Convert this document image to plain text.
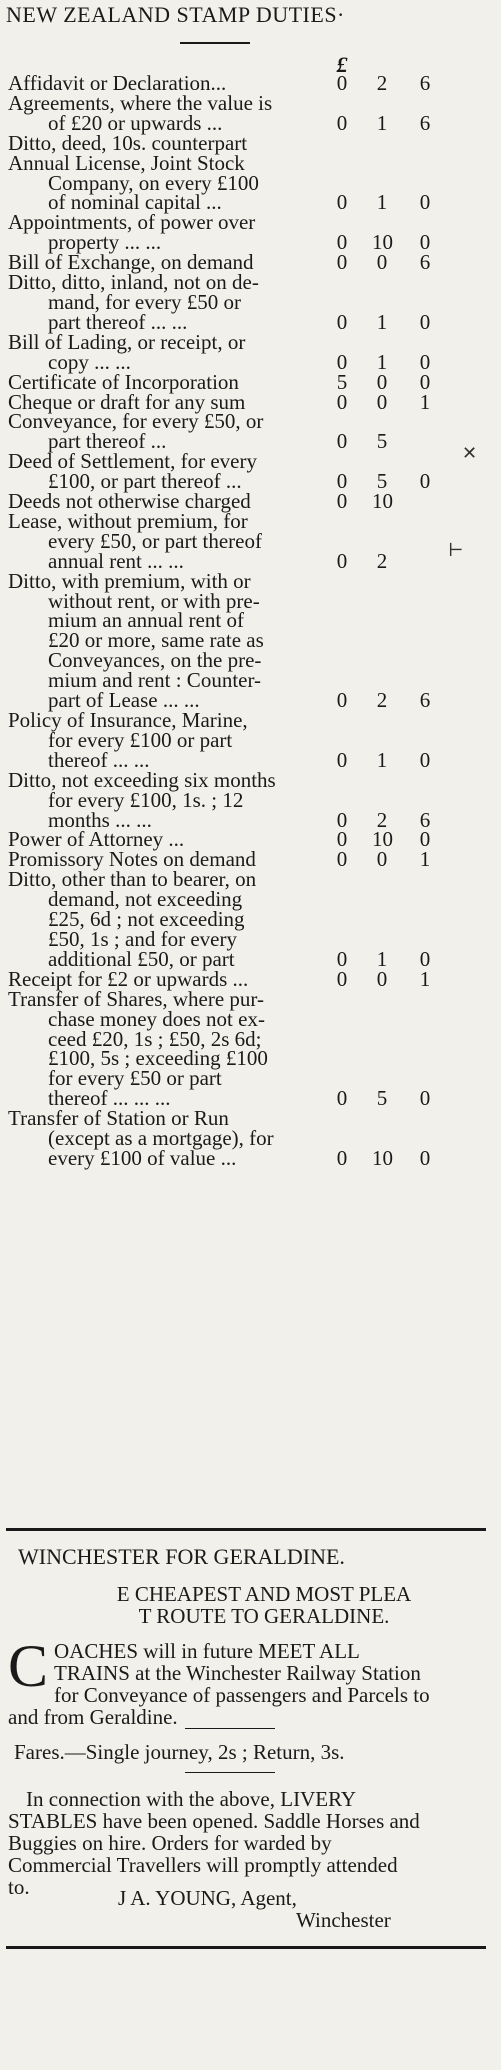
NEW ZEALAND STAMP DUTIES·
£
Affidavit or Declaration...	0 2 6
Agreements, where the value is
of £20 or upwards ...	0 1 6
Ditto, deed, 10s. counterpart
Annual License, Joint Stock
Company, on every £100
of nominal capital ...	0 1 0
Appointments, of power over
property ... ...	0 10 0
Bill of Exchange, on demand	0 0 6
Ditto, ditto, inland, not on de-
mand, for every £50 or
part thereof ... ...	0 1 0
Bill of Lading, or receipt, or
copy ... ...	0 1 0
Certificate of Incorporation	5 0 0
Cheque or draft for any sum	0 0 1
Conveyance, for every £50, or
part thereof ...	0 5
Deed of Settlement, for every
£100, or part thereof ...	0 5 0
Deeds not otherwise charged	0 10
Lease, without premium, for
every £50, or part thereof
annual rent ... ...	0 2
Ditto, with premium, with or
without rent, or with pre-
mium an annual rent of
£20 or more, same rate as
Conveyances, on the pre-
mium and rent : Counter-
part of Lease ... ...	0 2 6
Policy of Insurance, Marine,
for every £100 or part
thereof ... ...	0 1 0
Ditto, not exceeding six months
for every £100, 1s. ; 12
months ... ...	0 2 6
Power of Attorney ...	0 10 0
Promissory Notes on demand	0 0 1
Ditto, other than to bearer, on
demand, not exceeding
£25, 6d ; not exceeding
£50, 1s ; and for every
additional £50, or part	0 1 0
Receipt for £2 or upwards ...	0 0 1
Transfer of Shares, where pur-
chase money does not ex-
ceed £20, 1s ; £50, 2s 6d;
£100, 5s ; exceeding £100
for every £50 or part
thereof ... ... ...	0 5 0
Transfer of Station or Run
(except as a mortgage), for
every £100 of value ...	0 10 0
✕
⊢
WINCHESTER FOR GERALDINE.
E CHEAPEST AND MOST PLEA
T ROUTE TO GERALDINE.
COACHES will in future MEET ALL TRAINS at the Winchester Railway Station for Conveyance of passengers and Parcels to and from Geraldine.
Fares.—Single journey, 2s ; Return, 3s.
In connection with the above, LIVERY STABLES have been opened. Saddle Horses and Buggies on hire. Orders for warded by Commercial Travellers will promptly attended to.	J A. YOUNG, Agent,
Winchester
